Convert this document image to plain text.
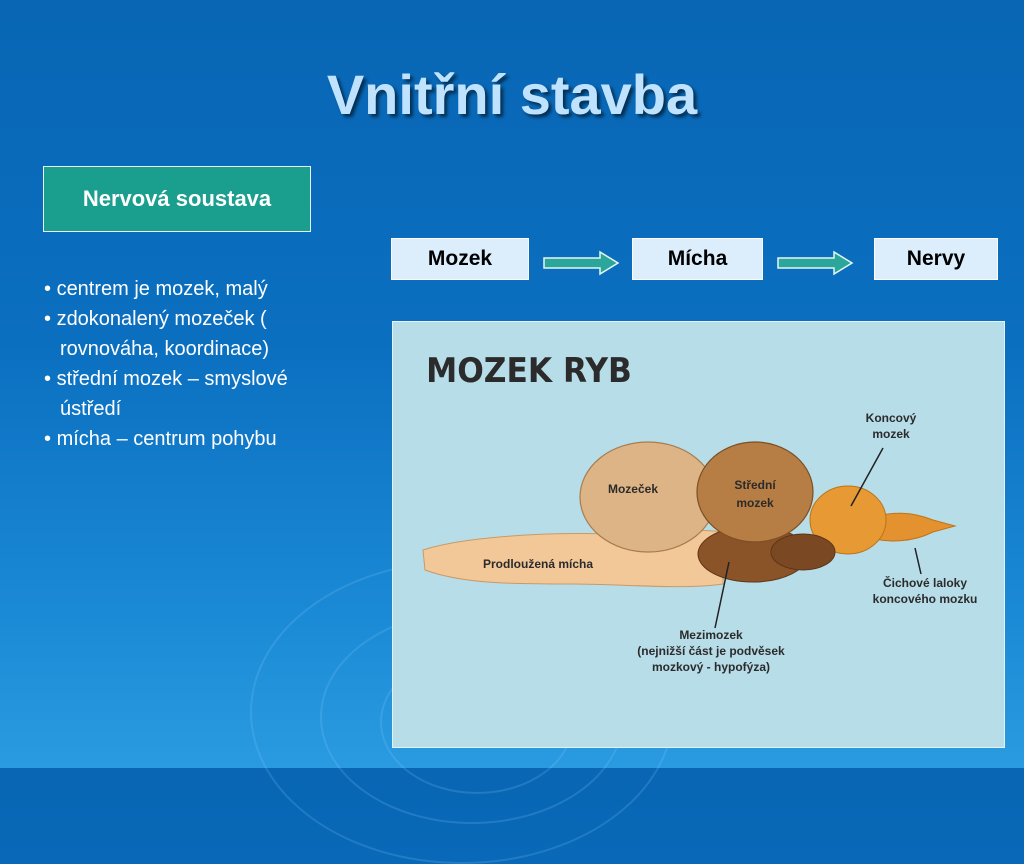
Vnitřní stavba
Nervová soustava
• centrem je mozek, malý
• zdokonalený mozeček (
rovnováha, koordinace)
• střední mozek – smyslové
ústředí
• mícha – centrum pohybu
Mozek	Mícha	Nervy
MOZEK RYB
Koncový
mozek
Mozeček	Střední
mozek
Prodloužená mícha
Čichové laloky
koncového mozku
Mezimozek
(nejnižší část je podvěsek
mozkový - hypofýza)
